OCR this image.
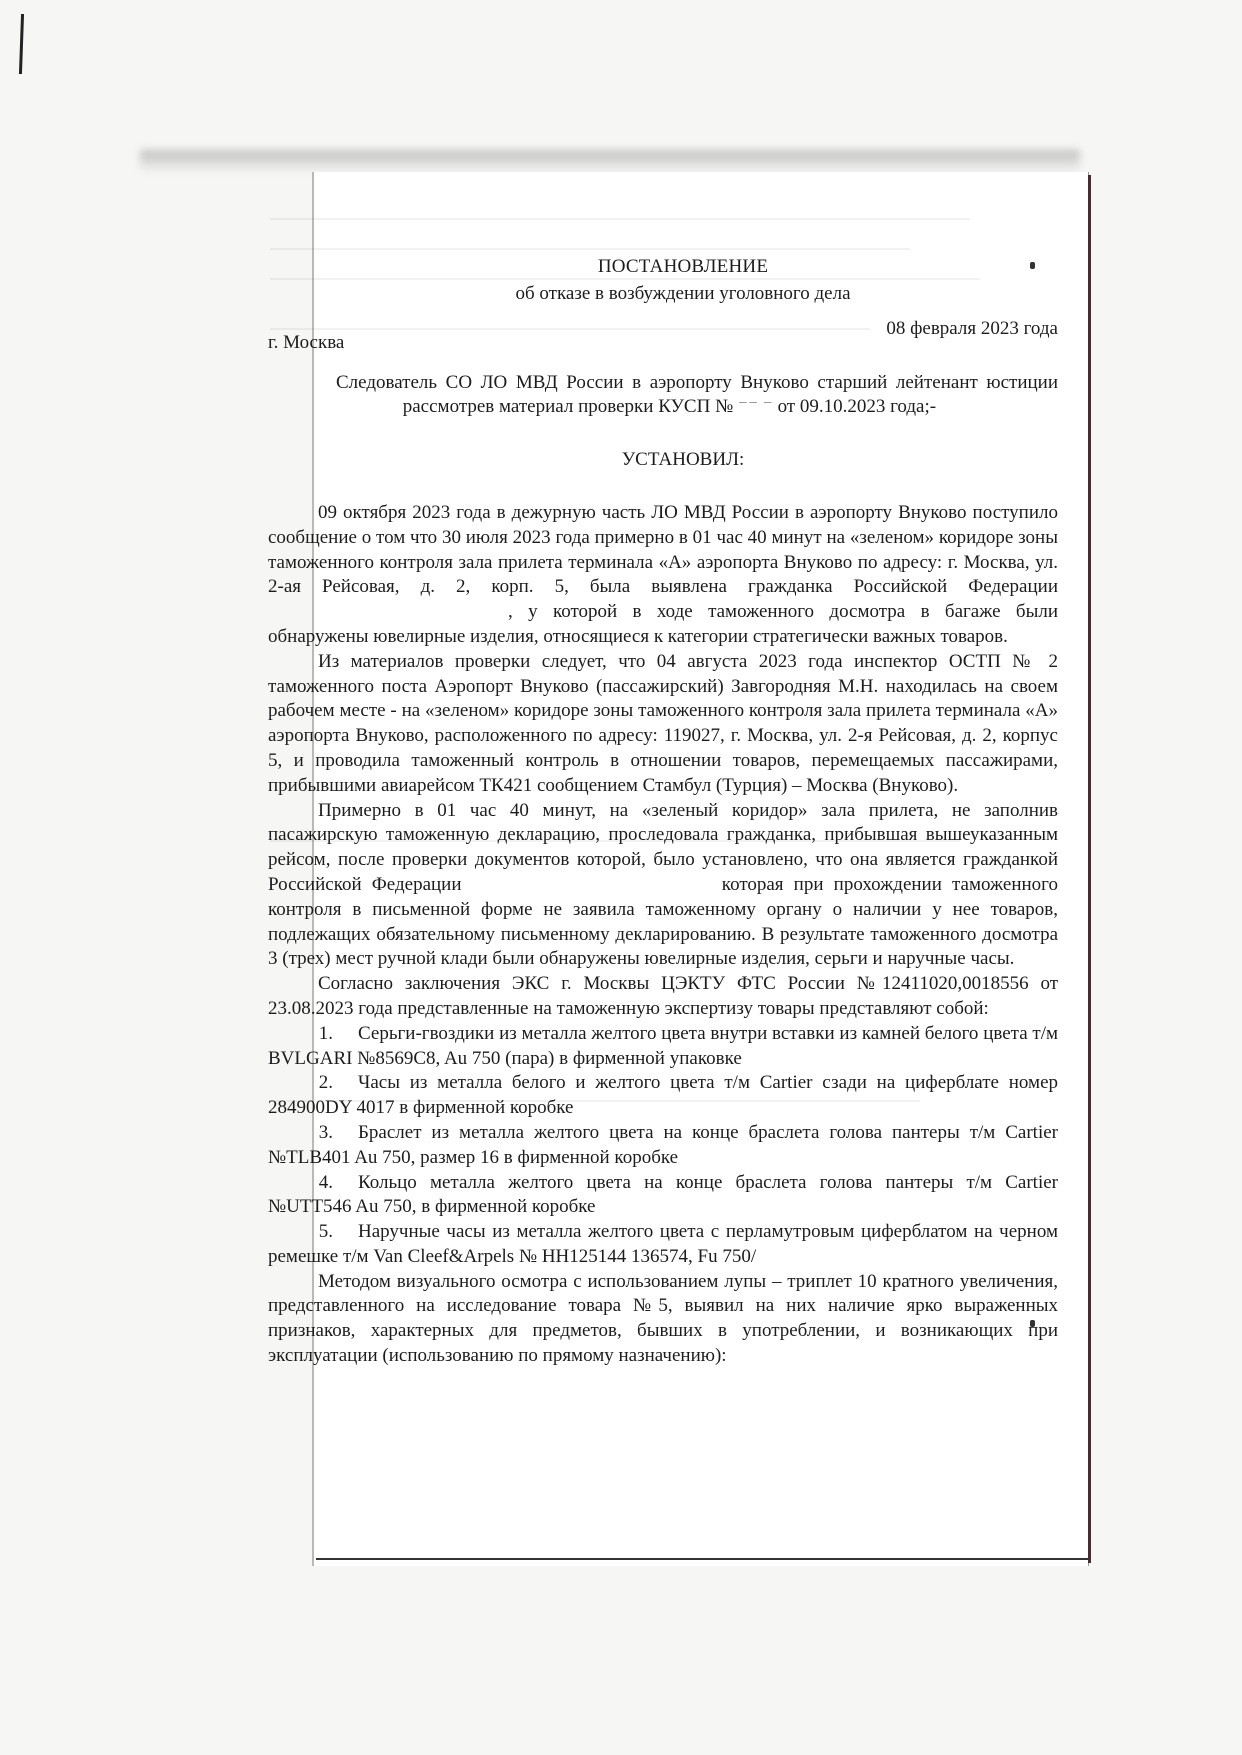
ПОСТАНОВЛЕНИЕ

об отказе в возбуждении уголовного дела

г. Москва
08 февраля 2023 года

Следователь СО ЛО МВД России в аэропорту Внуково старший лейтенант юстиции  рассмотрев материал проверки КУСП № ⁻⁻ ⁻ от 09.10.2023 года;-

УСТАНОВИЛ:

09 октября 2023 года в дежурную часть ЛО МВД России в аэропорту Внуково поступило сообщение о том что 30 июля 2023 года примерно в 01 час 40 минут на «зеленом» коридоре зоны таможенного контроля зала прилета терминала «А» аэропорта Внуково по адресу: г. Москва, ул. 2-ая Рейсовая, д. 2, корп. 5, была выявлена гражданка Российской Федерации , у которой в ходе таможенного досмотра в багаже были обнаружены ювелирные изделия, относящиеся к категории стратегически важных товаров.

Из материалов проверки следует, что 04 августа 2023 года инспектор ОСТП № 2 таможенного поста Аэропорт Внуково (пассажирский) Завгородняя М.Н. находилась на своем рабочем месте - на «зеленом» коридоре зоны таможенного контроля зала прилета терминала «А» аэропорта Внуково, расположенного по адресу: 119027, г. Москва, ул. 2-я Рейсовая, д. 2, корпус 5, и проводила таможенный контроль в отношении товаров, перемещаемых пассажирами, прибывшими авиарейсом ТК421 сообщением Стамбул (Турция) – Москва (Внуково).

Примерно в 01 час 40 минут, на «зеленый коридор» зала прилета, не заполнив пасажирскую таможенную декларацию, проследовала гражданка, прибывшая вышеуказанным рейсом, после проверки документов которой, было установлено, что она является гражданкой Российской Федерации	которая при прохождении таможенного контроля в письменной форме не заявила таможенному органу о наличии у нее товаров, подлежащих обязательному письменному декларированию. В результате таможенного досмотра 3 (трех) мест ручной клади были обнаружены ювелирные изделия, серьги и наручные часы.

Согласно заключения ЭКС г. Москвы ЦЭКТУ ФТС России №12411020,0018556 от 23.08.2023 года представленные на таможенную экспертизу товары представляют собой:

1. Серьги-гвоздики из металла желтого цвета внутри вставки из камней белого цвета т/м BVLGARI №8569C8, Au 750 (пара) в фирменной упаковке

2. Часы из металла белого и желтого цвета т/м Cartier сзади на циферблате номер 284900DY 4017 в фирменной коробке

3. Браслет из металла желтого цвета на конце браслета голова пантеры т/м Cartier №TLB401 Au 750, размер 16 в фирменной коробке

4. Кольцо металла желтого цвета на конце браслета голова пантеры т/м Cartier №UTT546 Au 750, в фирменной коробке

5. Наручные часы из металла желтого цвета с перламутровым циферблатом на черном ремешке т/м Van Cleef&Arpels № HH125144 136574, Fu 750/

Методом визуального осмотра с использованием лупы – триплет 10 кратного увеличения, представленного на исследование товара №5, выявил на них наличие ярко выраженных признаков, характерных для предметов, бывших в употреблении, и возникающих при эксплуатации (использованию по прямому назначению):
